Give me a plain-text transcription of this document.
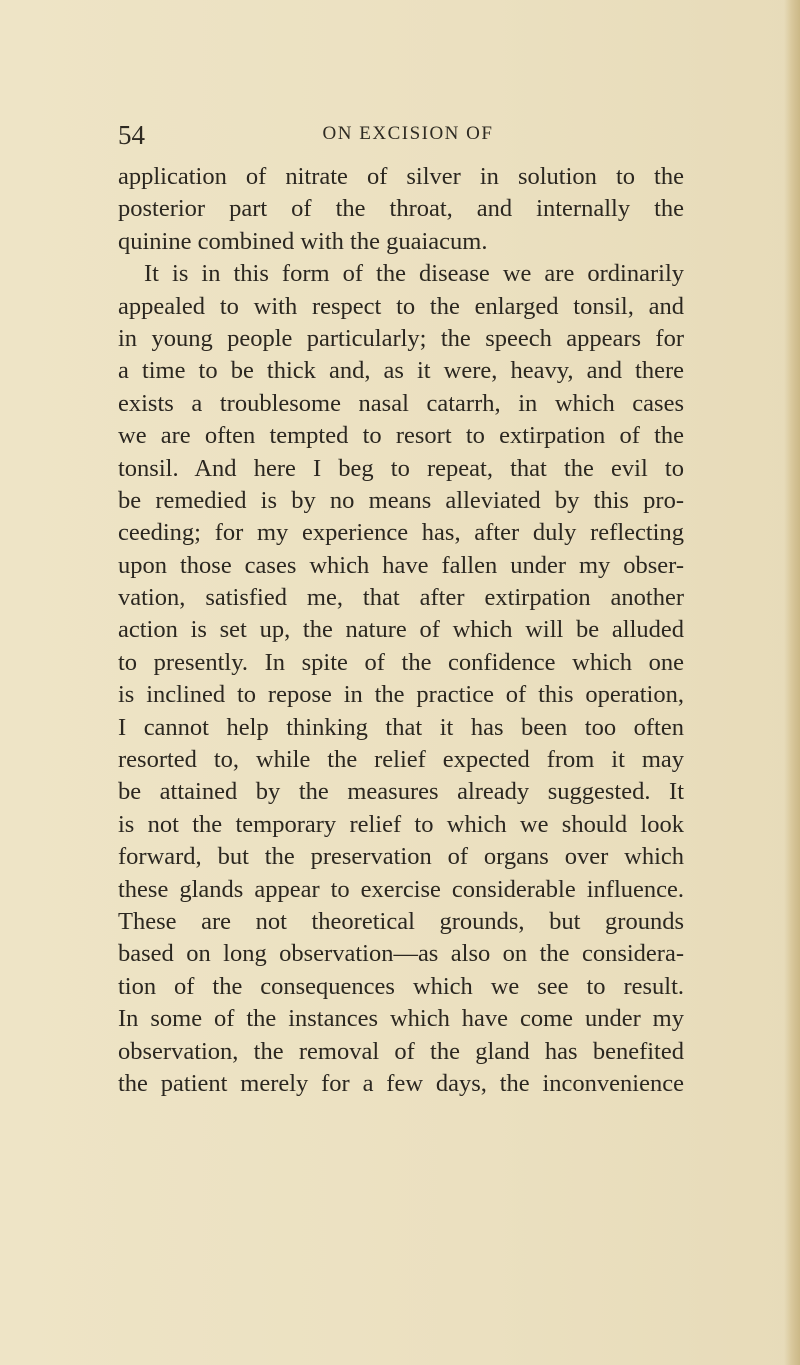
54	ON EXCISION OF
application of nitrate of silver in solution to the
posterior part of the throat, and internally the
quinine combined with the guaiacum.
It is in this form of the disease we are ordinarily
appealed to with respect to the enlarged tonsil, and
in young people particularly; the speech appears for
a time to be thick and, as it were, heavy, and there
exists a troublesome nasal catarrh, in which cases
we are often tempted to resort to extirpation of the
tonsil. And here I beg to repeat, that the evil to
be remedied is by no means alleviated by this pro-
ceeding; for my experience has, after duly reflecting
upon those cases which have fallen under my obser-
vation, satisfied me, that after extirpation another
action is set up, the nature of which will be alluded
to presently. In spite of the confidence which one
is inclined to repose in the practice of this operation,
I cannot help thinking that it has been too often
resorted to, while the relief expected from it may
be attained by the measures already suggested. It
is not the temporary relief to which we should look
forward, but the preservation of organs over which
these glands appear to exercise considerable influence.
These are not theoretical grounds, but grounds
based on long observation—as also on the considera-
tion of the consequences which we see to result.
In some of the instances which have come under my
observation, the removal of the gland has benefited
the patient merely for a few days, the inconvenience
